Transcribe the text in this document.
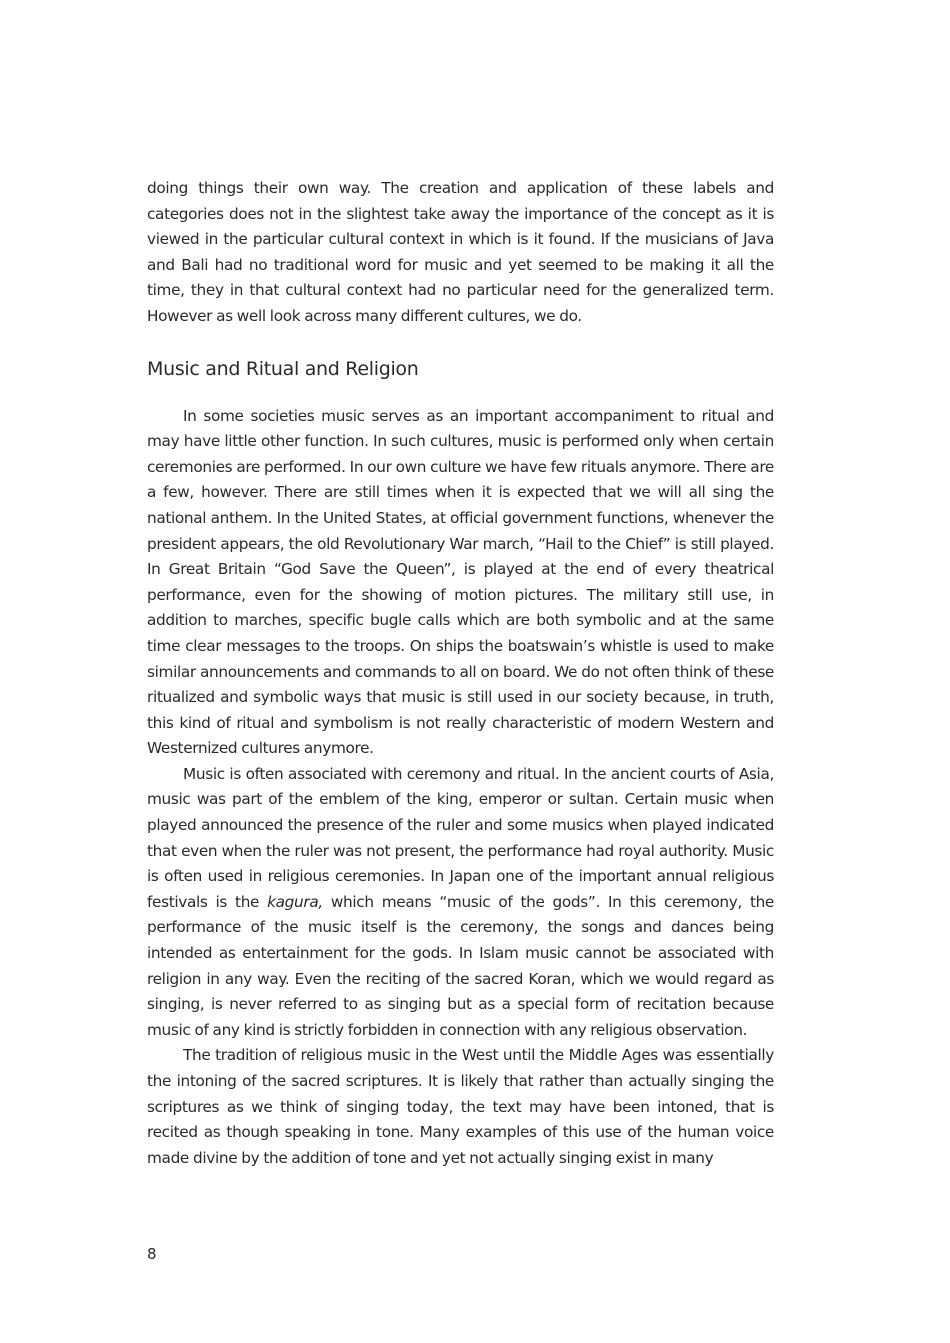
doing things their own way. The creation and application of these labels and categories does not in the slightest take away the importance of the concept as it is viewed in the particular cultural context in which is it found. If the musicians of Java and Bali had no traditional word for music and yet seemed to be making it all the time, they in that cultural context had no particular need for the generalized term. However as well look across many different cultures, we do.

Music and Ritual and Religion

In some societies music serves as an important accompaniment to ritual and may have little other function. In such cultures, music is performed only when certain ceremonies are performed. In our own culture we have few rituals anymore. There are a few, however. There are still times when it is expected that we will all sing the national anthem. In the United States, at official government functions, whenever the president appears, the old Revolutionary War march, “Hail to the Chief” is still played. In Great Britain “God Save the Queen”, is played at the end of every theatrical performance, even for the showing of motion pictures. The military still use, in addition to marches, specific bugle calls which are both symbolic and at the same time clear messages to the troops. On ships the boatswain’s whistle is used to make similar announcements and commands to all on board. We do not often think of these ritualized and symbolic ways that music is still used in our society because, in truth, this kind of ritual and symbolism is not really characteristic of modern Western and Westernized cultures anymore.

Music is often associated with ceremony and ritual. In the ancient courts of Asia, music was part of the emblem of the king, emperor or sultan. Certain music when played announced the presence of the ruler and some musics when played indicated that even when the ruler was not present, the performance had royal authority. Music is often used in religious ceremonies. In Japan one of the important annual religious festivals is the kagura, which means “music of the gods”. In this ceremony, the performance of the music itself is the ceremony, the songs and dances being intended as entertainment for the gods. In Islam music cannot be associated with religion in any way. Even the reciting of the sacred Koran, which we would regard as singing, is never referred to as singing but as a special form of recitation because music of any kind is strictly forbidden in connection with any religious observation.

The tradition of religious music in the West until the Middle Ages was essentially the intoning of the sacred scriptures. It is likely that rather than actually singing the scriptures as we think of singing today, the text may have been intoned, that is recited as though speaking in tone. Many examples of this use of the human voice made divine by the addition of tone and yet not actually singing exist in many

8
